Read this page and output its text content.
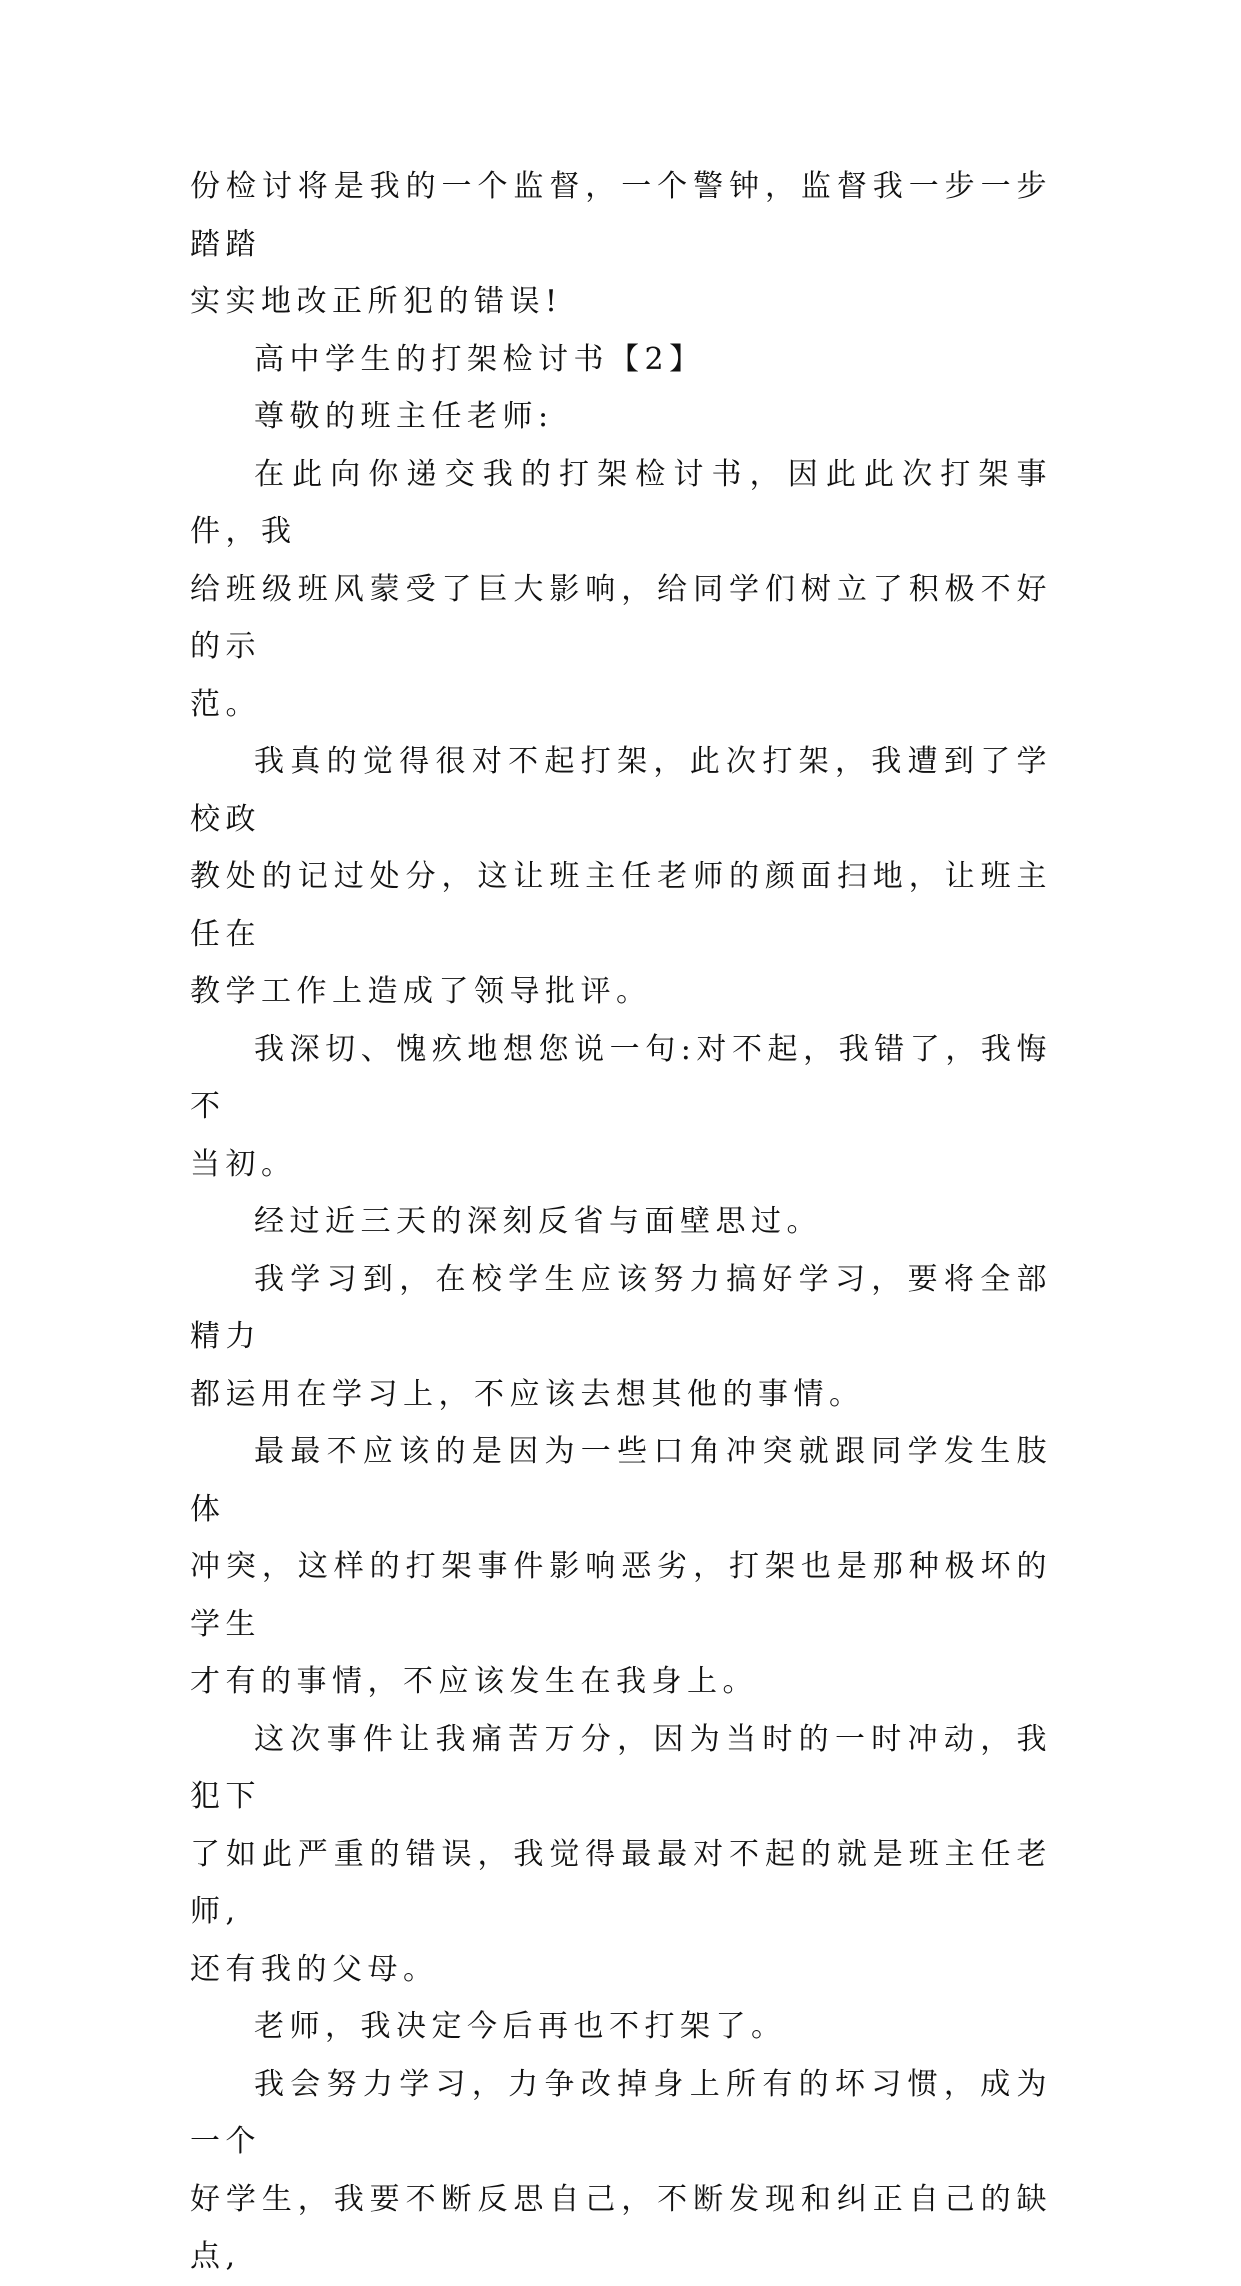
份检讨将是我的一个监督，一个警钟，监督我一步一步踏踏
实实地改正所犯的错误!

高中学生的打架检讨书【2】

尊敬的班主任老师:

在此向你递交我的打架检讨书，因此此次打架事件，我
给班级班风蒙受了巨大影响，给同学们树立了积极不好的示
范。

我真的觉得很对不起打架，此次打架，我遭到了学校政
教处的记过处分，这让班主任老师的颜面扫地，让班主任在
教学工作上造成了领导批评。

我深切、愧疚地想您说一句:对不起，我错了，我悔不
当初。

经过近三天的深刻反省与面壁思过。

我学习到，在校学生应该努力搞好学习，要将全部精力
都运用在学习上，不应该去想其他的事情。

最最不应该的是因为一些口角冲突就跟同学发生肢体
冲突，这样的打架事件影响恶劣，打架也是那种极坏的学生
才有的事情，不应该发生在我身上。

这次事件让我痛苦万分，因为当时的一时冲动，我犯下
了如此严重的错误，我觉得最最对不起的就是班主任老师,
还有我的父母。

老师，我决定今后再也不打架了。

我会努力学习，力争改掉身上所有的坏习惯，成为一个
好学生，我要不断反思自己，不断发现和纠正自己的缺点,
